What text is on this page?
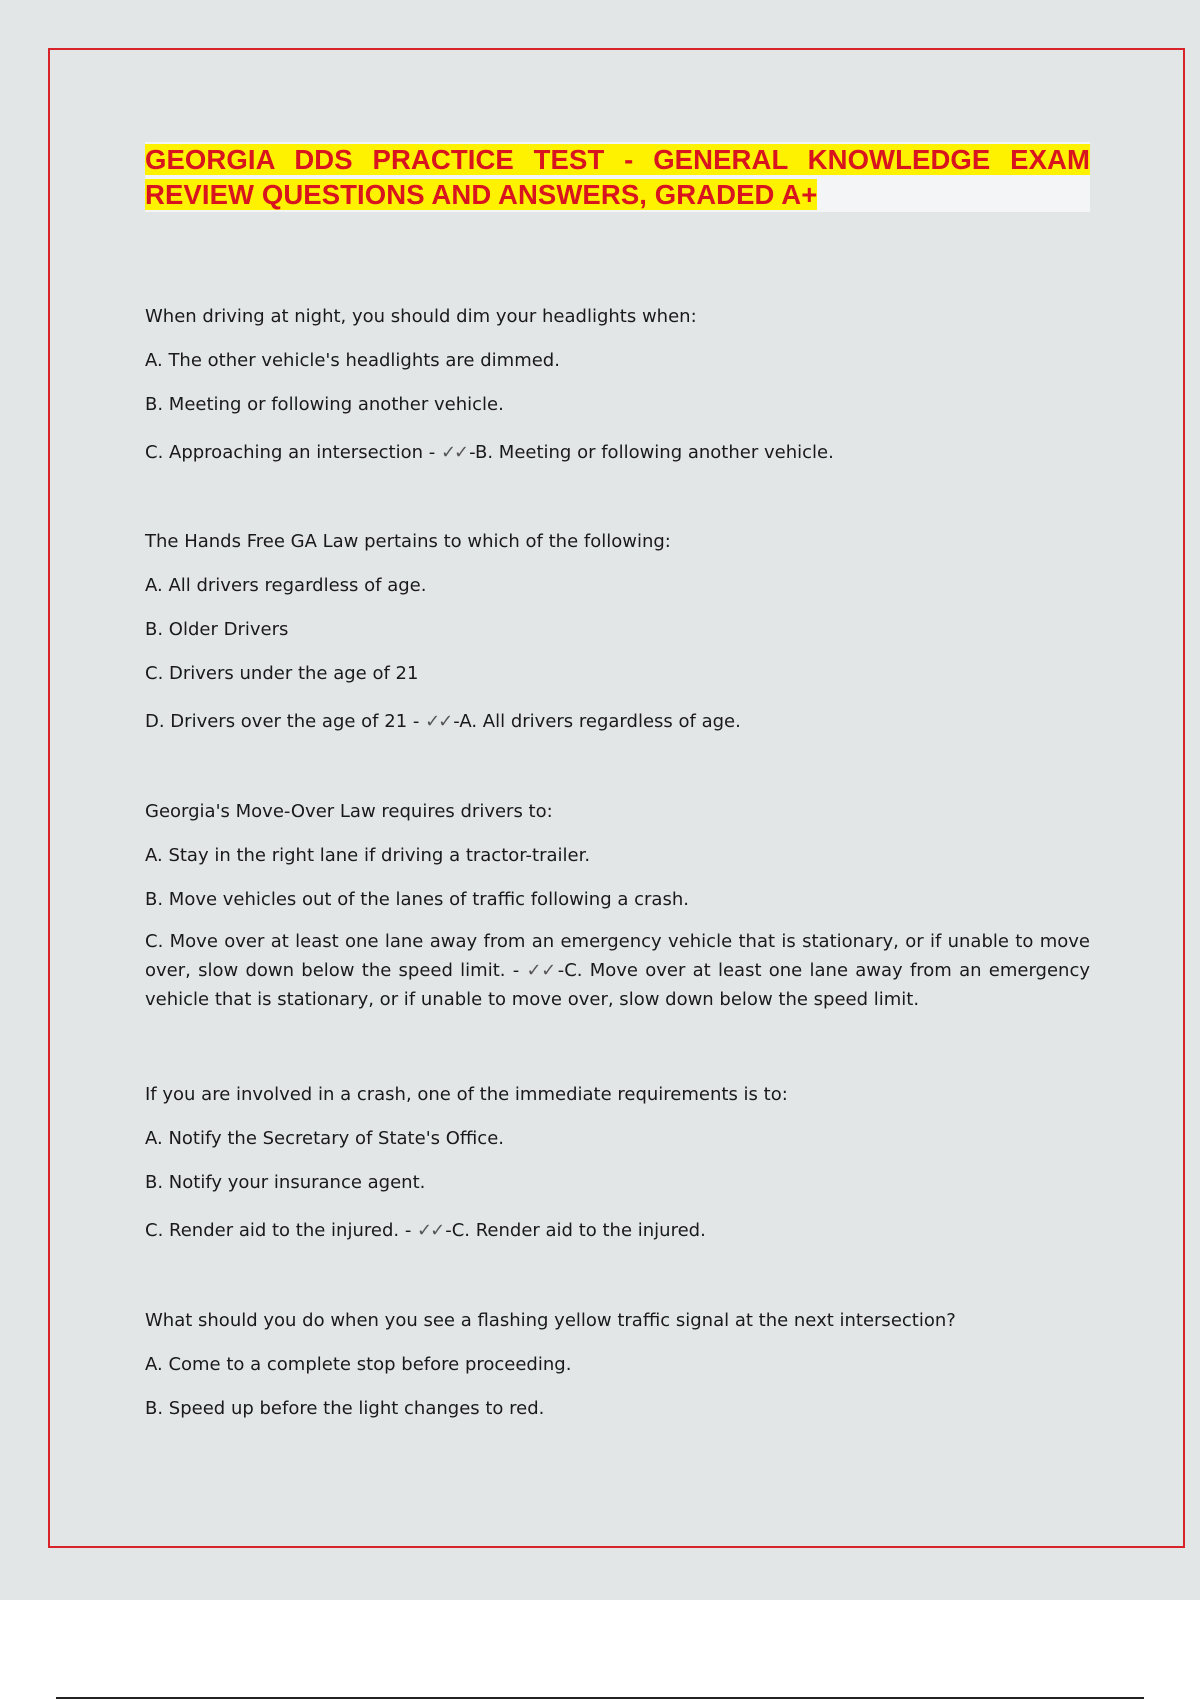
GEORGIA DDS PRACTICE TEST - GENERAL KNOWLEDGE EXAM REVIEW QUESTIONS AND ANSWERS, GRADED A+

When driving at night, you should dim your headlights when:

A. The other vehicle's headlights are dimmed.

B. Meeting or following another vehicle.

C. Approaching an intersection - ✓✓ -B. Meeting or following another vehicle.

The Hands Free GA Law pertains to which of the following:

A. All drivers regardless of age.

B. Older Drivers

C. Drivers under the age of 21

D. Drivers over the age of 21 - ✓✓ -A. All drivers regardless of age.

Georgia's Move-Over Law requires drivers to:

A. Stay in the right lane if driving a tractor-trailer.

B. Move vehicles out of the lanes of traffic following a crash.

C. Move over at least one lane away from an emergency vehicle that is stationary, or if unable to move over, slow down below the speed limit. - ✓✓ -C. Move over at least one lane away from an emergency vehicle that is stationary, or if unable to move over, slow down below the speed limit.

If you are involved in a crash, one of the immediate requirements is to:

A. Notify the Secretary of State's Office.

B. Notify your insurance agent.

C. Render aid to the injured. - ✓✓ -C. Render aid to the injured.

What should you do when you see a flashing yellow traffic signal at the next intersection?

A. Come to a complete stop before proceeding.

B. Speed up before the light changes to red.
